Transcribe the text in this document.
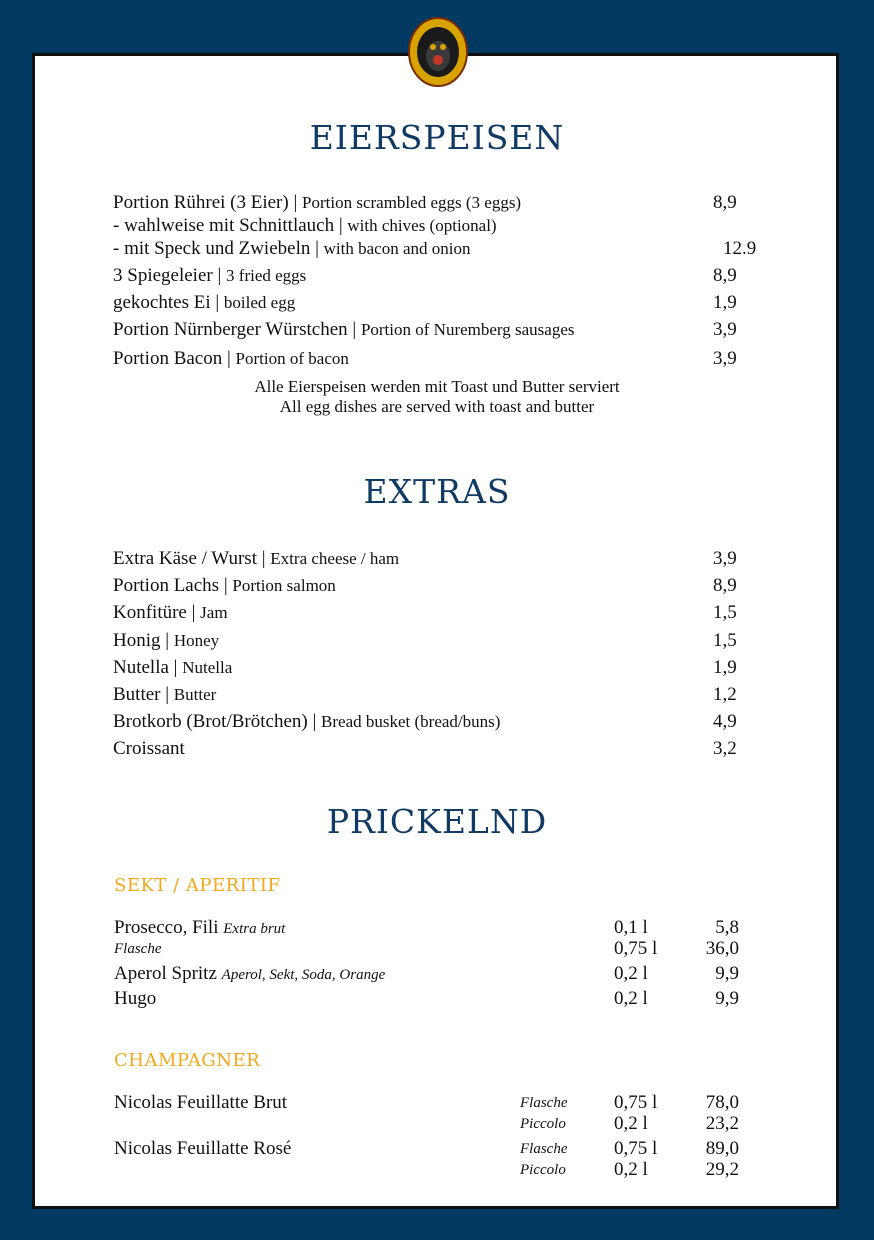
EIERSPEISEN
Portion Rührei (3 Eier) | Portion scrambled eggs (3 eggs)	8,9
- wahlweise mit Schnittlauch | with chives (optional)
- mit Speck und Zwiebeln | with bacon and onion	12.9
3 Spiegeleier | 3 fried eggs	8,9
gekochtes Ei | boiled egg	1,9
Portion Nürnberger Würstchen | Portion of Nuremberg sausages	3,9
Portion Bacon | Portion of bacon	3,9
Alle Eierspeisen werden mit Toast und Butter serviert
All egg dishes are served with toast and butter
EXTRAS
Extra Käse / Wurst | Extra cheese / ham	3,9
Portion Lachs | Portion salmon	8,9
Konfitüre | Jam	1,5
Honig | Honey	1,5
Nutella | Nutella	1,9
Butter | Butter	1,2
Brotkorb (Brot/Brötchen) | Bread busket (bread/buns)	4,9
Croissant	3,2
PRICKELND
SEKT / APERITIF
Prosecco, Fili Extra brut	0,1 l	5,8
Flasche	0,75 l	36,0
Aperol Spritz Aperol, Sekt, Soda, Orange	0,2 l	9,9
Hugo	0,2 l	9,9
CHAMPAGNER
Nicolas Feuillatte Brut	Flasche 0,75 l	78,0
Piccolo	0,2 l	23,2
Nicolas Feuillatte Rosé	Flasche 0,75 l	89,0
Piccolo	0,2 l	29,2
